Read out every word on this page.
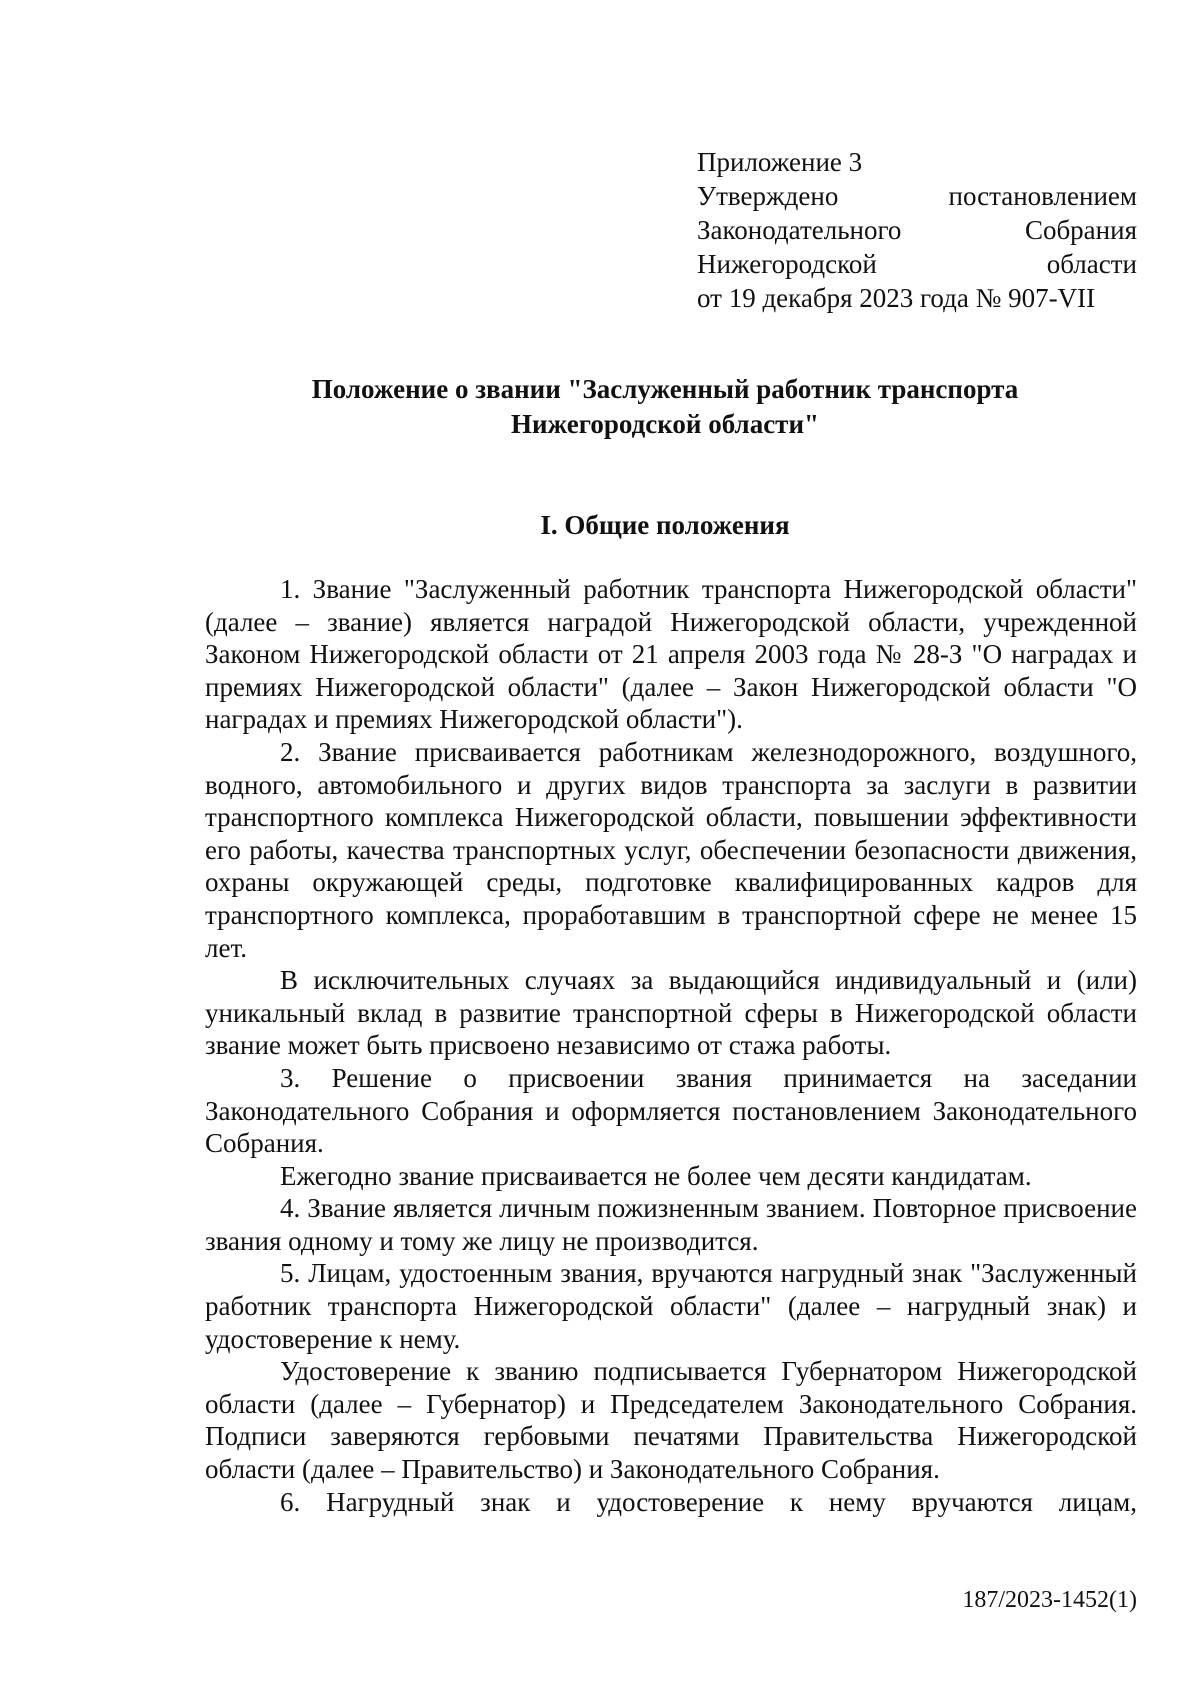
Приложение 3
Утверждено	постановлением
Законодательного	Собрания
Нижегородской	области
от 19 декабря 2023 года № 907-VII
Положение о звании "Заслуженный работник транспорта
Нижегородской области"
I. Общие положения

1. Звание "Заслуженный работник транспорта Нижегородской области" (далее – звание) является наградой Нижегородской области, учрежденной Законом Нижегородской области от 21 апреля 2003 года № 28-З "О наградах и премиях Нижегородской области" (далее – Закон Нижегородской области "О наградах и премиях Нижегородской области").

2. Звание присваивается работникам железнодорожного, воздушного, водного, автомобильного и других видов транспорта за заслуги в развитии транспортного комплекса Нижегородской области, повышении эффективности его работы, качества транспортных услуг, обеспечении безопасности движения, охраны окружающей среды, подготовке квалифицированных кадров для транспортного комплекса, проработавшим в транспортной сфере не менее 15 лет.

В исключительных случаях за выдающийся индивидуальный и (или) уникальный вклад в развитие транспортной сферы в Нижегородской области звание может быть присвоено независимо от стажа работы.

3. Решение о присвоении звания принимается на заседании Законодательного Собрания и оформляется постановлением Законодательного Собрания.

Ежегодно звание присваивается не более чем десяти кандидатам.

4. Звание является личным пожизненным званием. Повторное присвоение звания одному и тому же лицу не производится.

5. Лицам, удостоенным звания, вручаются нагрудный знак "Заслуженный работник транспорта Нижегородской области" (далее – нагрудный знак) и удостоверение к нему.

Удостоверение к званию подписывается Губернатором Нижегородской области (далее – Губернатор) и Председателем Законодательного Собрания. Подписи заверяются гербовыми печатями Правительства Нижегородской области (далее – Правительство) и Законодательного Собрания.

6. Нагрудный знак и удостоверение к нему вручаются лицам,

187/2023-1452(1)
